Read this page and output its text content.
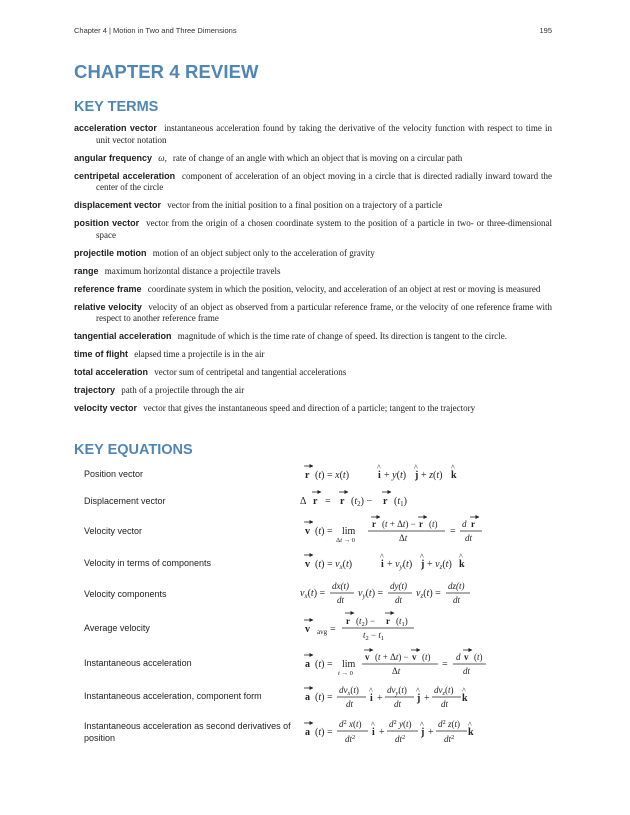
Chapter 4 | Motion in Two and Three Dimensions	195
CHAPTER 4 REVIEW
KEY TERMS
acceleration vector instantaneous acceleration found by taking the derivative of the velocity function with respect to time in unit vector notation
angular frequency ω, rate of change of an angle with which an object that is moving on a circular path
centripetal acceleration component of acceleration of an object moving in a circle that is directed radially inward toward the center of the circle
displacement vector vector from the initial position to a final position on a trajectory of a particle
position vector vector from the origin of a chosen coordinate system to the position of a particle in two- or three-dimensional space
projectile motion motion of an object subject only to the acceleration of gravity
range maximum horizontal distance a projectile travels
reference frame coordinate system in which the position, velocity, and acceleration of an object at rest or moving is measured
relative velocity velocity of an object as observed from a particular reference frame, or the velocity of one reference frame with respect to another reference frame
tangential acceleration magnitude of which is the time rate of change of speed. Its direction is tangent to the circle.
time of flight elapsed time a projectile is in the air
total acceleration vector sum of centripetal and tangential accelerations
trajectory path of a projectile through the air
velocity vector vector that gives the instantaneous speed and direction of a particle; tangent to the trajectory
KEY EQUATIONS
Position vector
Displacement vector
Velocity vector
Velocity in terms of components
Velocity components
Average velocity
Instantaneous acceleration
Instantaneous acceleration, component form
Instantaneous acceleration as second derivatives of position
r (t) = x(t)
^
i + y(t)
^
j + z(t)
^
k
Δ r = r $(t_2) - r$ $(t_1)$
v (t) = lim
Δt → 0
r (t + Δt) − r (t)
Δt
=
d r
dt
v $(t) = v_x(t)$
^
$i + v_y(t)$
^
$j + v_z(t)$
^
k
$v_x(t)$ =
dx(t)
dt
$v_y(t)$ =
dy(t)
dt
$v_z(t)$ =
dz(t)
dt
v avg =
r $(t_2) - r$ $(t_1)$
$t_2 - t_1$
a (t) = lim
t → 0
v (t + Δt) − v (t)
Δt
=
d v (t)
dt
a (t) =
$dv_x(t)$
dt
^
i +
$dv_y(t)$
dt
^
j +
$dv_z(t)$
dt
^
k
a (t) =
$d^2$ x(t)
$dt^2$
^
i +
$d^2$ y(t)
$dt^2$
^
j +
$d^2$ z(t)
$dt^2$
^
k
